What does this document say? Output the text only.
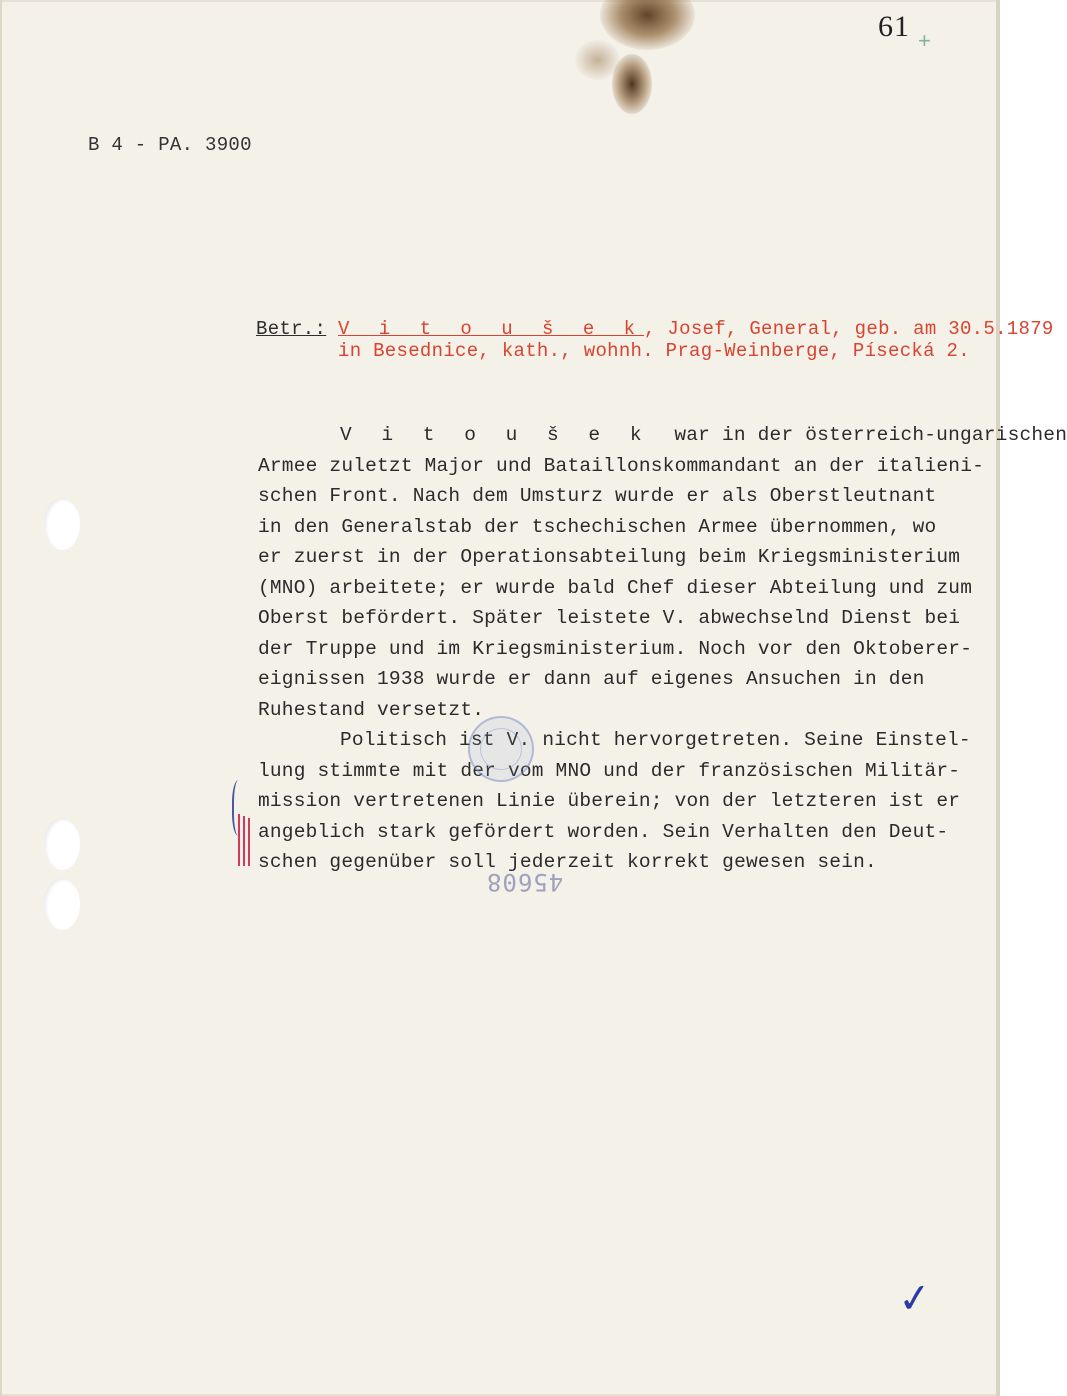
61 +
B 4 - PA. 3900
Betr.: V i t o u š e k, Josef, General, geb. am 30.5.1879
in Besednice, kath., wohnh. Prag-Weinberge, Písecká 2.
V i t o u š e k  war in der österreich-ungarischen
Armee zuletzt Major und Bataillonskommandant an der italieni-
schen Front. Nach dem Umsturz wurde er als Oberstleutnant
in den Generalstab der tschechischen Armee übernommen, wo
er zuerst in der Operationsabteilung beim Kriegsministerium
(MNO) arbeitete; er wurde bald Chef dieser Abteilung und zum
Oberst befördert. Später leistete V. abwechselnd Dienst bei
der Truppe und im Kriegsministerium. Noch vor den Oktoberer-
eignissen 1938 wurde er dann auf eigenes Ansuchen in den
Ruhestand versetzt.
Politisch ist V. nicht hervorgetreten. Seine Einstel-
lung stimmte mit der vom MNO und der französischen Militär-
mission vertretenen Linie überein; von der letzteren ist er
angeblich stark gefördert worden. Sein Verhalten den Deut-
schen gegenüber soll jederzeit korrekt gewesen sein.
45608
✓
